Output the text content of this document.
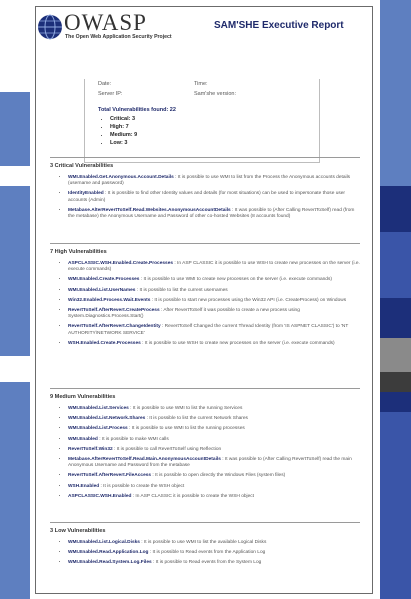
OWASP
The Open Web Application Security Project
SAM'SHE Executive Report
Date:	Time:
Server IP:	Sam'she version:
Total Vulnerabilities found: 22
• Critical: 3
• High: 7
• Medium: 9
• Low: 3
3 Critical Vulnerabilities
• WMI.Enabled.Get.Anonymous.Account.Details : It is possible to use WMI to list from the Process the Anonymous accounts details (username and password)
• IdentityEnabled : It is possible to find other Identity values and details (for most situations) can be used to impersonate those user accounts (Admin)
• Metabase.AlterRevertToSelf.Read.Websites.AnonymousAccountDetails : It was possible to (After Calling RevertToSelf) read (from the metabase) the Anonymous Username and Password of other co-hosted Websites (8 accounts found)
7 High Vulnerabilities
• ASPCLASSIC.WSH.Enabled.Create.Processes : In ASP CLASSIC it is possible to use WSH to create new processes on the server (i.e. execute commands)
• WMI.Enabled.Create.Processes : It is possible to use WMI to create new processes on the server (i.e. execute commands)
• WMI.Enabled.List.UserNames : It is possible to list the current usernames
• Win32.Enabled.Process.Wait.Events : It is possible to start new processes using the Win32 API (i.e. CreateProcess) on Windows
• RevertToSelf.AfterRevert.CreateProcess : After RevertToSelf it was possible to create a new process using System.Diagnostics.Process.Start()
• RevertToSelf.AfterRevert.ChangeIdentity : RevertToSelf Changed the current Thread Identity (from 'IS ASPNET CLASSIC') to 'NT AUTHORITY\NETWORK SERVICE'
• WSH.Enabled.Create.Processes : It is possible to use WSH to create new processes on the server (i.e. execute commands)
9 Medium Vulnerabilities
• WMI.Enabled.List.Services : It is possible to use WMI to list the running Services
• WMI.Enabled.List.Network.Shares : It is possible to list the current Network Shares
• WMI.Enabled.List.Process : It is possible to use WMI to list the running processes
• WMI.Enabled : It is possible to make WMI calls
• RevertToSelf.Win32 : It is possible to call RevertToSelf using Reflection
• Metabase.AfterRevertToSelf.Read.Main.AnonymousAccountDetails : It was possible to (After Calling RevertToSelf) read the main Anonymous Username and Password from the metabase
• RevertToSelf.AfterRevert.FileAccess : It is possible to open directly the Windows Files (system files)
• WSH.Enabled : It is possible to create the WSH object
• ASPCLASSIC.WSH.Enabled : In ASP CLASSIC it is possible to create the WSH object
3 Low Vulnerabilities
• WMI.Enabled.List.Logical.Disks : It is possible to use WMI to list the available Logical Disks
• WMI.Enabled.Read.Application.Log : It is possible to Read events from the Application Log
• WMI.Enabled.Read.System.Log.Files : It is possible to Read events from the System Log
